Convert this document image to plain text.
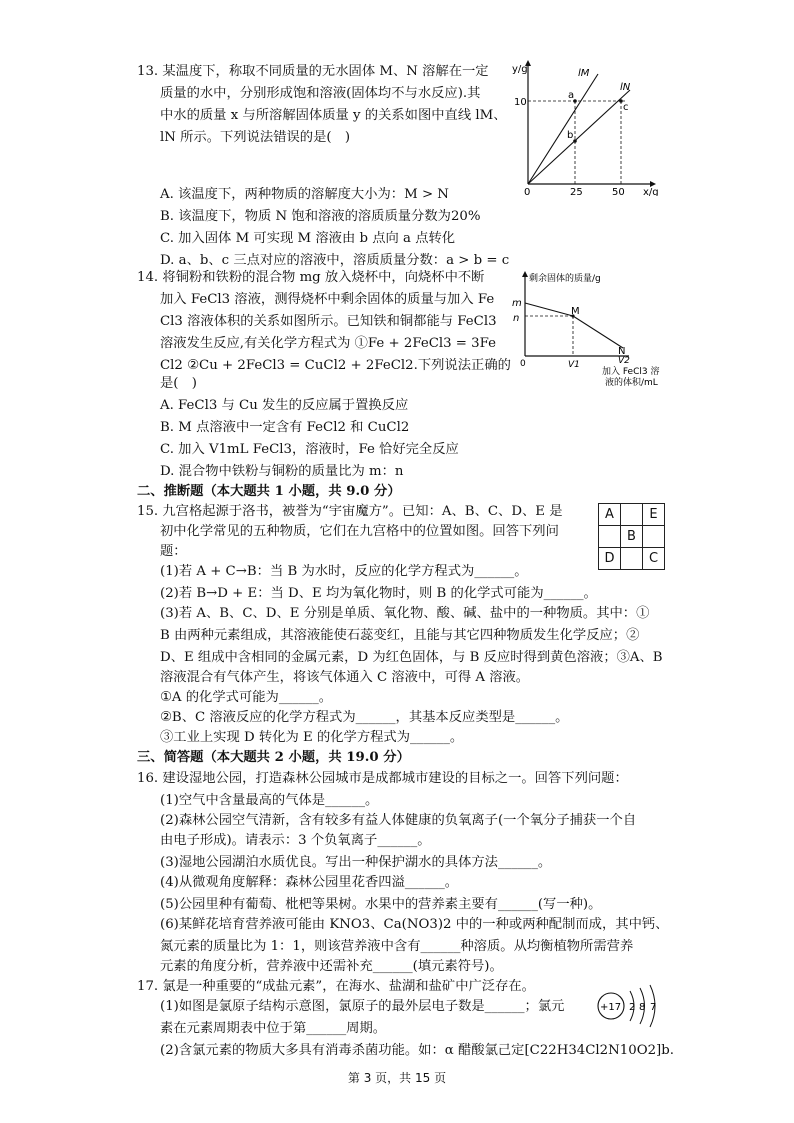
13. 某温度下，称取不同质量的无水固体 M、N 溶解在一定
质量的水中，分别形成饱和溶液(固体均不与水反应).其
中水的质量 x 与所溶解固体质量 y 的关系如图中直线 lM、
lN 所示。下列说法错误的是(　)
A. 该温度下，两种物质的溶解度大小为：M > N
B. 该温度下，物质 N 饱和溶液的溶质质量分数为20%
C. 加入固体 M 可实现 M 溶液由 b 点向 a 点转化
D. a、b、c 三点对应的溶液中，溶质质量分数：a > b = c
y/g
x/g
0	25	50
10
lM
lN
a
b
c
14. 将铜粉和铁粉的混合物 mg 放入烧杯中，向烧杯中不断
加入 FeCl3 溶液，测得烧杯中剩余固体的质量与加入 Fe
Cl3 溶液体积的关系如图所示。已知铁和铜都能与 FeCl3
溶液发生反应,有关化学方程式为 ①Fe + 2FeCl3 = 3Fe
Cl2 ②Cu + 2FeCl3 = CuCl2 + 2FeCl2.下列说法正确的
是(　)
A. FeCl3 与 Cu 发生的反应属于置换反应
B. M 点溶液中一定含有 FeCl2 和 CuCl2
C. 加入 V1mL FeCl3，溶液时，Fe 恰好完全反应
D. 混合物中铁粉与铜粉的质量比为 m：n
剩余固体的质量/g
m
n
0
M
N
V1	V2
加入 FeCl3 溶
液的体积/mL
二、推断题（本大题共 1 小题，共 9.0 分）
15. 九宫格起源于洛书，被誉为“宇宙魔方”。已知：A、B、C、D、E 是
初中化学常见的五种物质，它们在九宫格中的位置如图。回答下列问
题：
(1)若 A + C→B：当 B 为水时，反应的化学方程式为______。
(2)若 B→D + E：当 D、E 均为氧化物时，则 B 的化学式可能为______。
(3)若 A、B、C、D、E 分别是单质、氧化物、酸、碱、盐中的一种物质。其中：①
B 由两种元素组成，其溶液能使石蕊变红，且能与其它四种物质发生化学反应；②
D、E 组成中含相同的金属元素，D 为红色固体，与 B 反应时得到黄色溶液；③A、B
溶液混合有气体产生，将该气体通入 C 溶液中，可得 A 溶液。
①A 的化学式可能为______。
②B、C 溶液反应的化学方程式为______，其基本反应类型是______。
③工业上实现 D 转化为 E 的化学方程式为______。
A		E
	B	
D		C
三、简答题（本大题共 2 小题，共 19.0 分）
16. 建设湿地公园，打造森林公园城市是成都城市建设的目标之一。回答下列问题：
(1)空气中含量最高的气体是______。
(2)森林公园空气清新，含有较多有益人体健康的负氧离子(一个氧分子捕获一个自
由电子形成)。请表示：3 个负氧离子______。
(3)湿地公园湖泊水质优良。写出一种保护湖水的具体方法______。
(4)从微观角度解释：森林公园里花香四溢______。
(5)公园里种有葡萄、枇杷等果树。水果中的营养素主要有______(写一种)。
(6)某鲜花培育营养液可能由 KNO3、Ca(NO3)2 中的一种或两种配制而成，其中钙、
氮元素的质量比为 1：1，则该营养液中含有______种溶质。从均衡植物所需营养
元素的角度分析，营养液中还需补充______(填元素符号)。
17. 氯是一种重要的“成盐元素”，在海水、盐湖和盐矿中广泛存在。
(1)如图是氯原子结构示意图，氯原子的最外层电子数是______；氯元
素在元素周期表中位于第______周期。
(2)含氯元素的物质大多具有消毒杀菌功能。如：α 醋酸氯己定[C22H34Cl2N10O2]b.
+17 2 8 7
第 3 页，共 15 页
